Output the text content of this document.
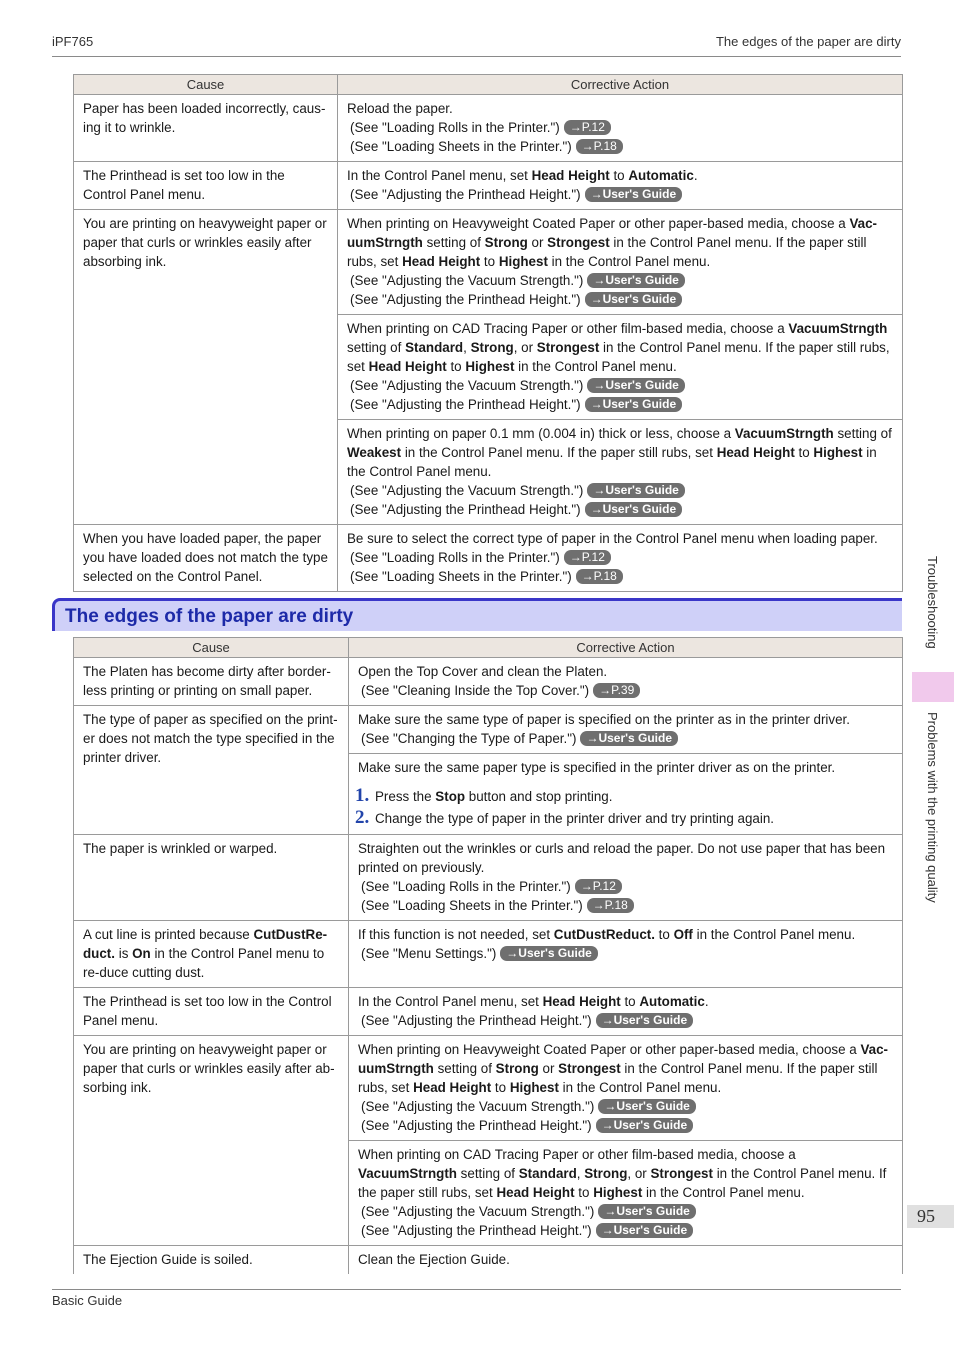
iPF765	The edges of the paper are dirty
Cause	Corrective Action
Paper has been loaded incorrectly, caus-ing it to wrinkle.	Reload the paper.
(See "Loading Rolls in the Printer.") →P.12
(See "Loading Sheets in the Printer.") →P.18

The Printhead is set too low in the Control Panel menu.	In the Control Panel menu, set Head Height to Automatic.
(See "Adjusting the Printhead Height.") →User's Guide

You are printing on heavyweight paper or paper that curls or wrinkles easily after absorbing ink.	When printing on Heavyweight Coated Paper or other paper-based media, choose a Vac-uumStrngth setting of Strong or Strongest in the Control Panel menu. If the paper still rubs, set Head Height to Highest in the Control Panel menu.
(See "Adjusting the Vacuum Strength.") →User's Guide
(See "Adjusting the Printhead Height.") →User's Guide

	When printing on CAD Tracing Paper or other film-based media, choose a VacuumStrngth setting of Standard, Strong, or Strongest in the Control Panel menu. If the paper still rubs, set Head Height to Highest in the Control Panel menu.
(See "Adjusting the Vacuum Strength.") →User's Guide
(See "Adjusting the Printhead Height.") →User's Guide

	When printing on paper 0.1 mm (0.004 in) thick or less, choose a VacuumStrngth setting of Weakest in the Control Panel menu. If the paper still rubs, set Head Height to Highest in the Control Panel menu.
(See "Adjusting the Vacuum Strength.") →User's Guide
(See "Adjusting the Printhead Height.") →User's Guide

When you have loaded paper, the paper you have loaded does not match the type selected on the Control Panel.	Be sure to select the correct type of paper in the Control Panel menu when loading paper.
(See "Loading Rolls in the Printer.") →P.12
(See "Loading Sheets in the Printer.") →P.18
The edges of the paper are dirty
Cause	Corrective Action
The Platen has become dirty after border-less printing or printing on small paper.	Open the Top Cover and clean the Platen.
(See "Cleaning Inside the Top Cover.") →P.39

The type of paper as specified on the print-er does not match the type specified in the printer driver.	Make sure the same type of paper is specified on the printer as in the printer driver.
(See "Changing the Type of Paper.") →User's Guide

	Make sure the same paper type is specified in the printer driver as on the printer.
1. Press the Stop button and stop printing.
2. Change the type of paper in the printer driver and try printing again.

The paper is wrinkled or warped.	Straighten out the wrinkles or curls and reload the paper. Do not use paper that has been printed on previously.
(See "Loading Rolls in the Printer.") →P.12
(See "Loading Sheets in the Printer.") →P.18

A cut line is printed because CutDustRe-duct. is On in the Control Panel menu to re-duce cutting dust.	If this function is not needed, set CutDustReduct. to Off in the Control Panel menu.
(See "Menu Settings.") →User's Guide

The Printhead is set too low in the Control Panel menu.	In the Control Panel menu, set Head Height to Automatic.
(See "Adjusting the Printhead Height.") →User's Guide

You are printing on heavyweight paper or paper that curls or wrinkles easily after ab-sorbing ink.	When printing on Heavyweight Coated Paper or other paper-based media, choose a Vac-uumStrngth setting of Strong or Strongest in the Control Panel menu. If the paper still rubs, set Head Height to Highest in the Control Panel menu.
(See "Adjusting the Vacuum Strength.") →User's Guide
(See "Adjusting the Printhead Height.") →User's Guide

	When printing on CAD Tracing Paper or other film-based media, choose a VacuumStrngth setting of Standard, Strong, or Strongest in the Control Panel menu. If the paper still rubs, set Head Height to Highest in the Control Panel menu.
(See "Adjusting the Vacuum Strength.") →User's Guide
(See "Adjusting the Printhead Height.") →User's Guide

The Ejection Guide is soiled.	Clean the Ejection Guide.
Troubleshooting
Problems with the printing quality
95
Basic Guide
